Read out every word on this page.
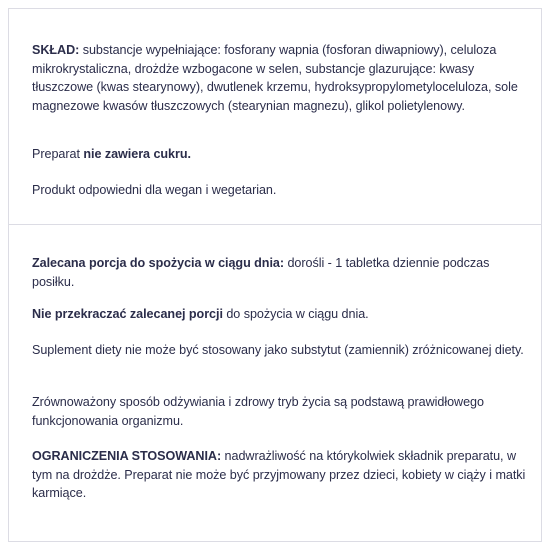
SKŁAD: substancje wypełniające: fosforany wapnia (fosforan diwapniowy), celuloza mikrokrystaliczna, drożdże wzbogacone w selen, substancje glazurujące: kwasy tłuszczowe (kwas stearynowy), dwutlenek krzemu, hydroksypropylometyloceluloza, sole magnezowe kwasów tłuszczowych (stearynian magnezu), glikol polietylenowy.

Preparat nie zawiera cukru.

Produkt odpowiedni dla wegan i wegetarian.

Zalecana porcja do spożycia w ciągu dnia: dorośli - 1 tabletka dziennie podczas posiłku.

Nie przekraczać zalecanej porcji do spożycia w ciągu dnia.

Suplement diety nie może być stosowany jako substytut (zamiennik) zróżnicowanej diety.

Zrównoważony sposób odżywiania i zdrowy tryb życia są podstawą prawidłowego funkcjonowania organizmu.

OGRANICZENIA STOSOWANIA: nadwrażliwość na którykolwiek składnik preparatu, w tym na drożdże. Preparat nie może być przyjmowany przez dzieci, kobiety w ciąży i matki karmiące.
